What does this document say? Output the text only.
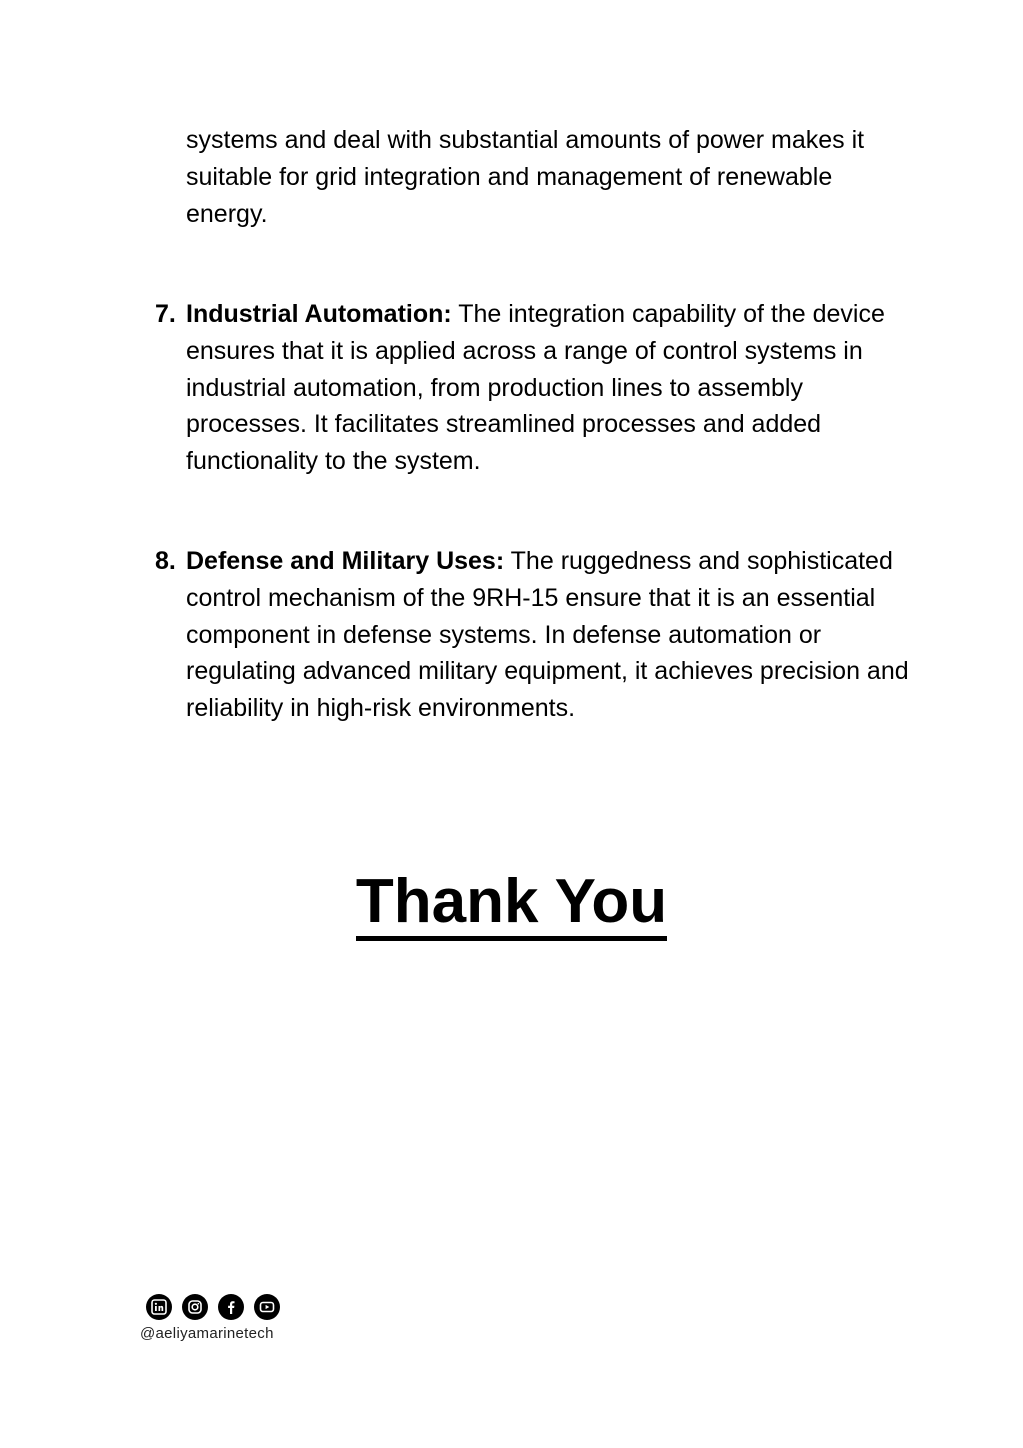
systems and deal with substantial amounts of power makes it suitable for grid integration and management of renewable energy.

7. Industrial Automation: The integration capability of the device ensures that it is applied across a range of control systems in industrial automation, from production lines to assembly processes. It facilitates streamlined processes and added functionality to the system.
8. Defense and Military Uses: The ruggedness and sophisticated control mechanism of the 9RH-15 ensure that it is an essential component in defense systems. In defense automation or regulating advanced military equipment, it achieves precision and reliability in high-risk environments.
Thank You
@aeliyamarinetech
